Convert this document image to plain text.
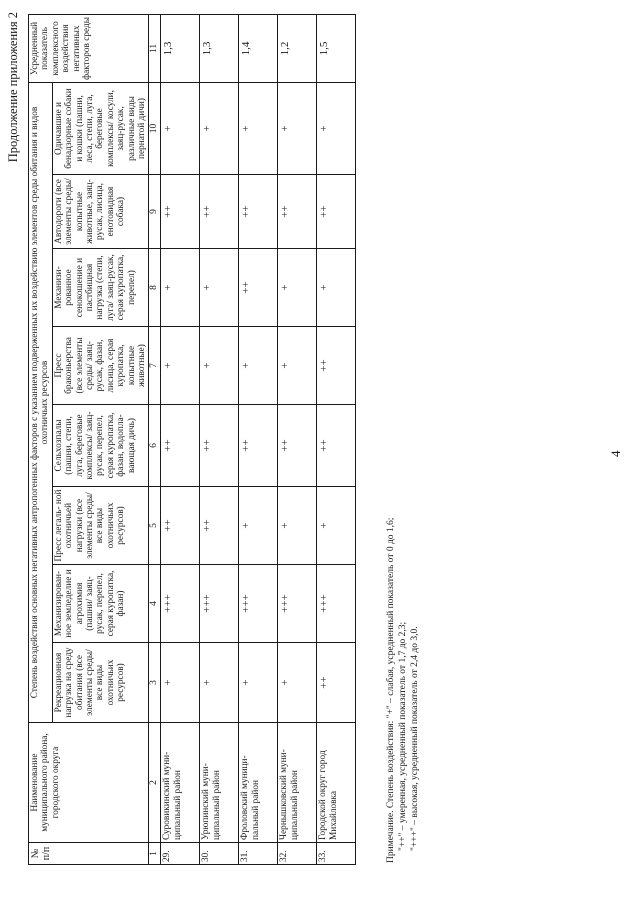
Продолжение приложения 2
№ п/п	Наименование муниципального района, городского округа	Степень воздействия основных негативных антропогенных факторов с указанием подверженных их воздействию элементов среды обитания и видов охотничьих ресурсов								Усредненный показатель комплексного воздействия негативных факторов среды
		Рекреационная нагрузка на среду обитания (все элементы среды/ все виды охотничьих ресурсов)	Механизирован- ное земледелие и агрохимия (пашни/ заяц- русак, перепел, серая куропатка, фазан)	Пресс легаль- ной охотничьей нагрузки (все элементы среды/ все виды охотничьих ресурсов)	Сельхозпалы (пашни, степи, луга, береговые комплексы/ заяц-русак, перепел, серая куропатка, фазан, водопла- вающая дичь)	Пресс браконьерства (все элементы среды/ заяц- русак, фазан, лисица, серая куропатка, копытные животные)	Механизи- рованное сенокошение и пастбищная нагрузка (степи, луга/ заяц-русак, серая куропатка, перепел)	Автодороги (все элементы среды/ копытные животные, заяц-русак, лисица, енотовидная собака)	Одичавшие и бенадзорные собаки и кошки (пашни, леса, степи, луга, береговые комплексы/ косули, заяц-русак, различные виды пернатой дичи)	
1	2	3	4	5	6	7	8	9	10	11
29.	Суровикинский муни- ципальный район	+	+++	++	++	+	+	++	+	1,3
30.	Урюпинский муни- ципальный район	+	+++	++	++	+	+	++	+	1,3
31.	Фроловский муници- пальный район	+	+++	+	++	+	++	++	+	1,4
32.	Чернышковский муни- ципальный район	+	+++	+	++	+	+	++	+	1,2
33.	Городской округ город Михайловка	++	+++	+	++	++	+	++	+	1,5
4
Примечание. Степень воздействия: "+" – слабая, усредненный показатель от 0 до 1,6; "++" – умеренная, усредненный показатель от 1,7 до 2,3; "+++" – высокая, усредненный показатель от 2,4 до 3,0.
